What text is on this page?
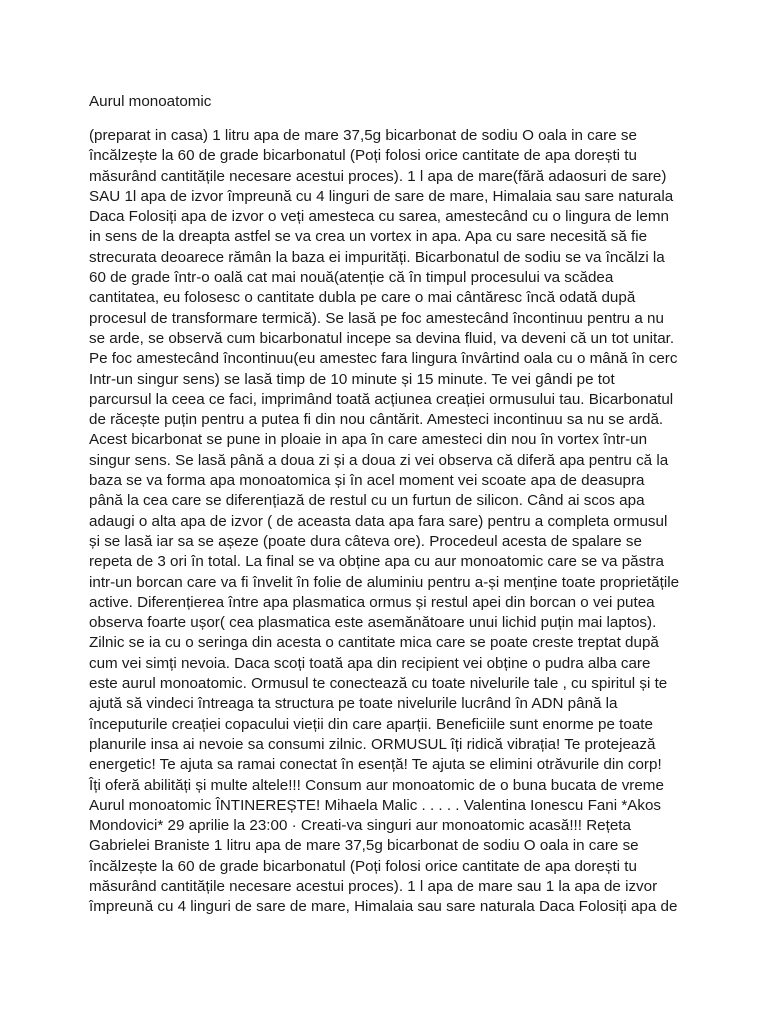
Aurul monoatomic
(preparat in casa) 1 litru apa de mare 37,5g bicarbonat de sodiu O oala in care se
încălzește la 60 de grade bicarbonatul (Poți folosi orice cantitate de apa dorești tu
măsurând cantitățile necesare acestui proces). 1 l apa de mare(fără adaosuri de sare)
SAU 1l apa de izvor împreună cu 4 linguri de sare de mare, Himalaia sau sare naturala
Daca Folosiți apa de izvor o veți amesteca cu sarea, amestecând cu o lingura de lemn
in sens de la dreapta astfel se va crea un vortex in apa. Apa cu sare necesită să fie
strecurata deoarece rămân la baza ei impurități. Bicarbonatul de sodiu se va încălzi la
60 de grade într-o oală cat mai nouă(atenție că în timpul procesului va scădea
cantitatea, eu folosesc o cantitate dubla pe care o mai cântăresc încă odată după
procesul de transformare termică). Se lasă pe foc amestecând încontinuu pentru a nu
se arde, se observă cum bicarbonatul incepe sa devina fluid, va deveni că un tot unitar.
Pe foc amestecând încontinuu(eu amestec fara lingura învârtind oala cu o mână în cerc
Intr-un singur sens) se lasă timp de 10 minute și 15 minute. Te vei gândi pe tot
parcursul la ceea ce faci, imprimând toată acțiunea creației ormusului tau. Bicarbonatul
de răcește puțin pentru a putea fi din nou cântărit. Amesteci incontinuu sa nu se ardă.
Acest bicarbonat se pune in ploaie in apa în care amesteci din nou în vortex într-un
singur sens. Se lasă până a doua zi și a doua zi vei observa că diferă apa pentru că la
baza se va forma apa monoatomica și în acel moment vei scoate apa de deasupra
până la cea care se diferențiază de restul cu un furtun de silicon. Când ai scos apa
adaugi o alta apa de izvor ( de aceasta data apa fara sare) pentru a completa ormusul
și se lasă iar sa se așeze (poate dura câteva ore). Procedeul acesta de spalare se
repeta de 3 ori în total. La final se va obține apa cu aur monoatomic care se va păstra
intr-un borcan care va fi învelit în folie de aluminiu pentru a-și menține toate proprietățile
active. Diferențierea între apa plasmatica ormus și restul apei din borcan o vei putea
observa foarte ușor( cea plasmatica este asemănătoare unui lichid puțin mai laptos).
Zilnic se ia cu o seringa din acesta o cantitate mica care se poate creste treptat după
cum vei simți nevoia. Daca scoți toată apa din recipient vei obține o pudra alba care
este aurul monoatomic. Ormusul te conectează cu toate nivelurile tale , cu spiritul și te
ajută să vindeci întreaga ta structura pe toate nivelurile lucrând în ADN până la
începuturile creației copacului vieții din care aparții. Beneficiile sunt enorme pe toate
planurile insa ai nevoie sa consumi zilnic. ORMUSUL îți ridică vibrația! Te protejează
energetic! Te ajuta sa ramai conectat în esență! Te ajuta se elimini otrăvurile din corp!
Îți oferă abilități și multe altele!!! Consum aur monoatomic de o buna bucata de vreme
Aurul monoatomic ÎNTINEREȘTE! Mihaela Malic . . . . . Valentina Ionescu Fani *Akos
Mondovici* 29 aprilie la 23:00 · Creati-va singuri aur monoatomic acasă!!! Rețeta
Gabrielei Braniste 1 litru apa de mare 37,5g bicarbonat de sodiu O oala in care se
încălzește la 60 de grade bicarbonatul (Poți folosi orice cantitate de apa dorești tu
măsurând cantitățile necesare acestui proces). 1 l apa de mare sau 1 la apa de izvor
împreună cu 4 linguri de sare de mare, Himalaia sau sare naturala Daca Folosiți apa de
